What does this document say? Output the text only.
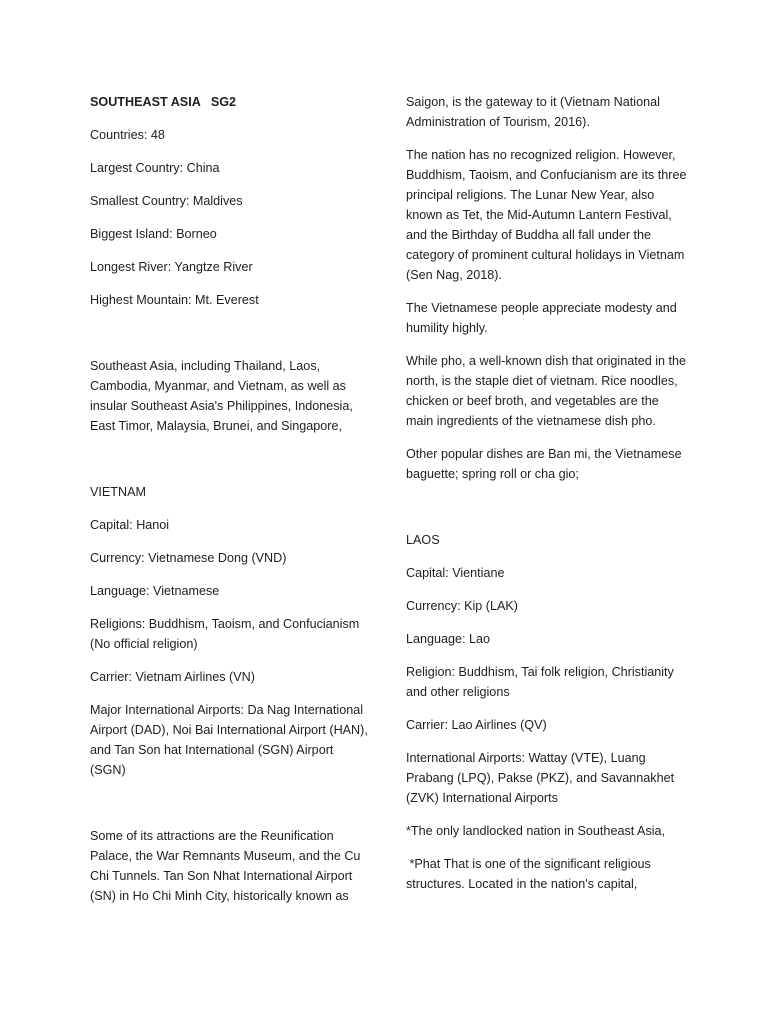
SOUTHEAST ASIA   SG2

Countries: 48

Largest Country: China

Smallest Country: Maldives

Biggest Island: Borneo

Longest River: Yangtze River

Highest Mountain: Mt. Everest

Southeast Asia, including Thailand, Laos, Cambodia, Myanmar, and Vietnam, as well as insular Southeast Asia's Philippines, Indonesia, East Timor, Malaysia, Brunei, and Singapore,

VIETNAM

Capital: Hanoi

Currency: Vietnamese Dong (VND)

Language: Vietnamese

Religions: Buddhism, Taoism, and Confucianism (No official religion)

Carrier: Vietnam Airlines (VN)

Major International Airports: Da Nag International Airport (DAD), Noi Bai International Airport (HAN), and Tan Son hat International (SGN) Airport (SGN)

Some of its attractions are the Reunification Palace, the War Remnants Museum, and the Cu Chi Tunnels. Tan Son Nhat International Airport (SN) in Ho Chi Minh City, historically known as

Saigon, is the gateway to it (Vietnam National Administration of Tourism, 2016).

The nation has no recognized religion. However, Buddhism, Taoism, and Confucianism are its three principal religions. The Lunar New Year, also known as Tet, the Mid-Autumn Lantern Festival, and the Birthday of Buddha all fall under the category of prominent cultural holidays in Vietnam (Sen Nag, 2018).

The Vietnamese people appreciate modesty and humility highly.

While pho, a well-known dish that originated in the north, is the staple diet of vietnam. Rice noodles, chicken or beef broth, and vegetables are the main ingredients of the vietnamese dish pho.

Other popular dishes are Ban mi, the Vietnamese baguette; spring roll or cha gio;

LAOS

Capital: Vientiane

Currency: Kip (LAK)

Language: Lao

Religion: Buddhism, Tai folk religion, Christianity and other religions

Carrier: Lao Airlines (QV)

International Airports: Wattay (VTE), Luang Prabang (LPQ), Pakse (PKZ), and Savannakhet (ZVK) International Airports

*The only landlocked nation in Southeast Asia,

*Phat That is one of the significant religious structures. Located in the nation's capital,
